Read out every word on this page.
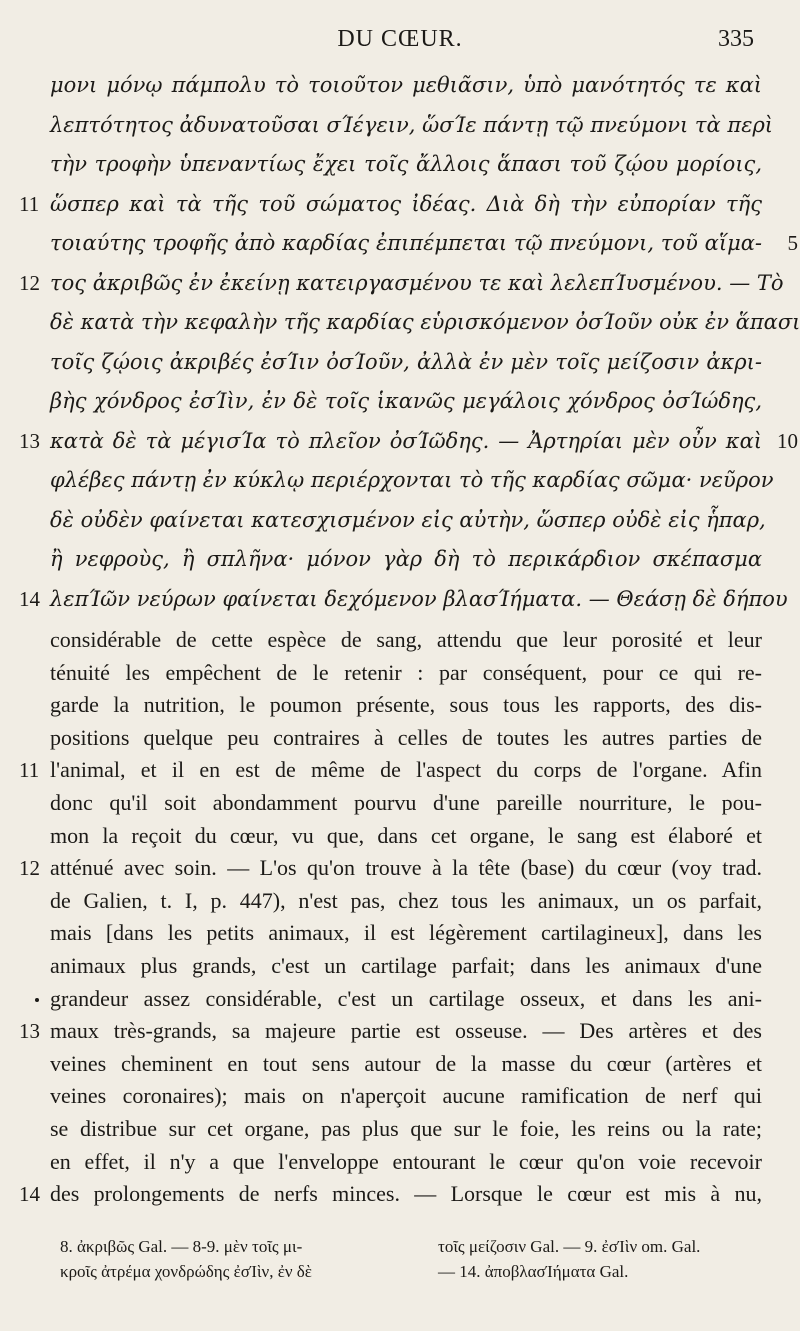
DU CŒUR.	335
μονι μόνῳ πάμπολυ τὸ τοιοῦτον μεθιᾶσιν, ὑπὸ μανότητός τε καὶ
λεπτότητος ἀδυνατοῦσαι σΊέγειν, ὥσΊε πάντῃ τῷ πνεύμονι τὰ περὶ
τὴν τροφὴν ὑπεναντίως ἔχει τοῖς ἄλλοις ἅπασι τοῦ ζῴου μορίοις,
11 ὥσπερ καὶ τὰ τῆς τοῦ σώματος ἰδέας. Διὰ δὴ τὴν εὐπορίαν τῆς
τοιαύτης τροφῆς ἀπὸ καρδίας ἐπιπέμπεται τῷ πνεύμονι, τοῦ αἵμα- 5
12 τος ἀκριβῶς ἐν ἐκείνῃ κατειργασμένου τε καὶ λελεπΊυσμένου. — Τὸ
δὲ κατὰ τὴν κεφαλὴν τῆς καρδίας εὑρισκόμενον ὀσΊοῦν οὐκ ἐν ἅπασι
τοῖς ζῴοις ἀκριβές ἐσΊιν ὀσΊοῦν, ἀλλὰ ἐν μὲν τοῖς μείζοσιν ἀκρι-
βὴς χόνδρος ἐσΊὶν, ἐν δὲ τοῖς ἱκανῶς μεγάλοις χόνδρος ὀσΊώδης,
13 κατὰ δὲ τὰ μέγισΊα τὸ πλεῖον ὀσΊῶδης. — Ἀρτηρίαι μὲν οὖν καὶ 10
φλέβες πάντῃ ἐν κύκλῳ περιέρχονται τὸ τῆς καρδίας σῶμα· νεῦρον
δὲ οὐδὲν φαίνεται κατεσχισμένον εἰς αὐτὴν, ὥσπερ οὐδὲ εἰς ἧπαρ,
ἢ νεφροὺς, ἢ σπλῆνα· μόνον γὰρ δὴ τὸ περικάρδιον σκέπασμα
14 λεπΊῶν νεύρων φαίνεται δεχόμενον βλασΊήματα. — Θεάσῃ δὲ δήπου
considérable de cette espèce de sang, attendu que leur porosité et leur
ténuité les empêchent de le retenir : par conséquent, pour ce qui re-
garde la nutrition, le poumon présente, sous tous les rapports, des dis-
positions quelque peu contraires à celles de toutes les autres parties de
11 l'animal, et il en est de même de l'aspect du corps de l'organe. Afin
donc qu'il soit abondamment pourvu d'une pareille nourriture, le pou-
mon la reçoit du cœur, vu que, dans cet organe, le sang est élaboré et
12 atténué avec soin. — L'os qu'on trouve à la tête (base) du cœur (voy trad.
de Galien, t. I, p. 447), n'est pas, chez tous les animaux, un os parfait,
mais [dans les petits animaux, il est légèrement cartilagineux], dans les
animaux plus grands, c'est un cartilage parfait; dans les animaux d'une
grandeur assez considérable, c'est un cartilage osseux, et dans les ani-
13 maux très-grands, sa majeure partie est osseuse. — Des artères et des
veines cheminent en tout sens autour de la masse du cœur (artères et
veines coronaires); mais on n'aperçoit aucune ramification de nerf qui
se distribue sur cet organe, pas plus que sur le foie, les reins ou la rate;
en effet, il n'y a que l'enveloppe entourant le cœur qu'on voie recevoir
14 des prolongements de nerfs minces. — Lorsque le cœur est mis à nu,
8. ἀκριβῶς Gal. — 8-9. μὲν τοῖς μι-	τοῖς μείζοσιν Gal. — 9. ἐσΊὶν om. Gal.
κροῖς ἀτρέμα χονδρώδης ἐσΊὶν, ἐν δὲ	— 14. ἀποβλασΊήματα Gal.
